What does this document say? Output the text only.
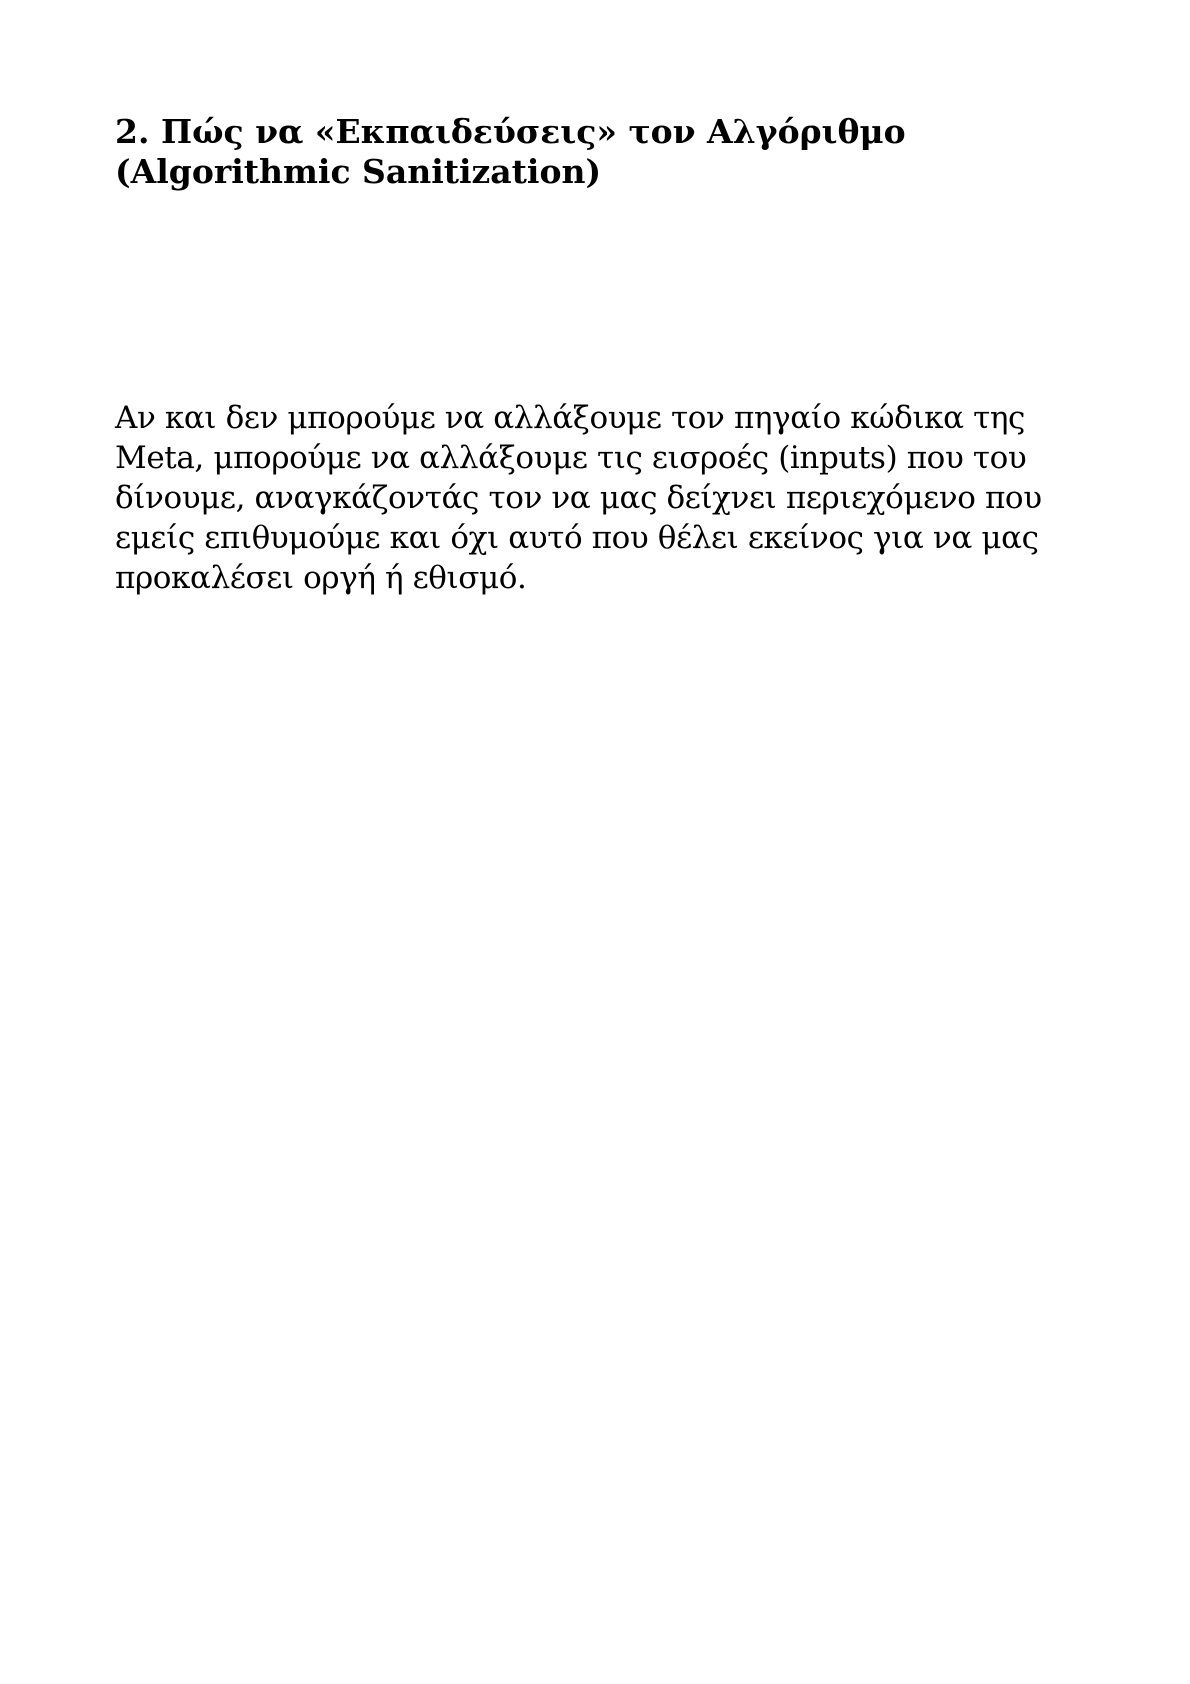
2. Πώς να «Εκπαιδεύσεις» τον Αλγόριθμο
(Algorithmic Sanitization)

Αν και δεν μπορούμε να αλλάξουμε τον πηγαίο κώδικα της
Meta, μπορούμε να αλλάξουμε τις εισροές (inputs) που του
δίνουμε, αναγκάζοντάς τον να μας δείχνει περιεχόμενο που
εμείς επιθυμούμε και όχι αυτό που θέλει εκείνος για να μας
προκαλέσει οργή ή εθισμό.
